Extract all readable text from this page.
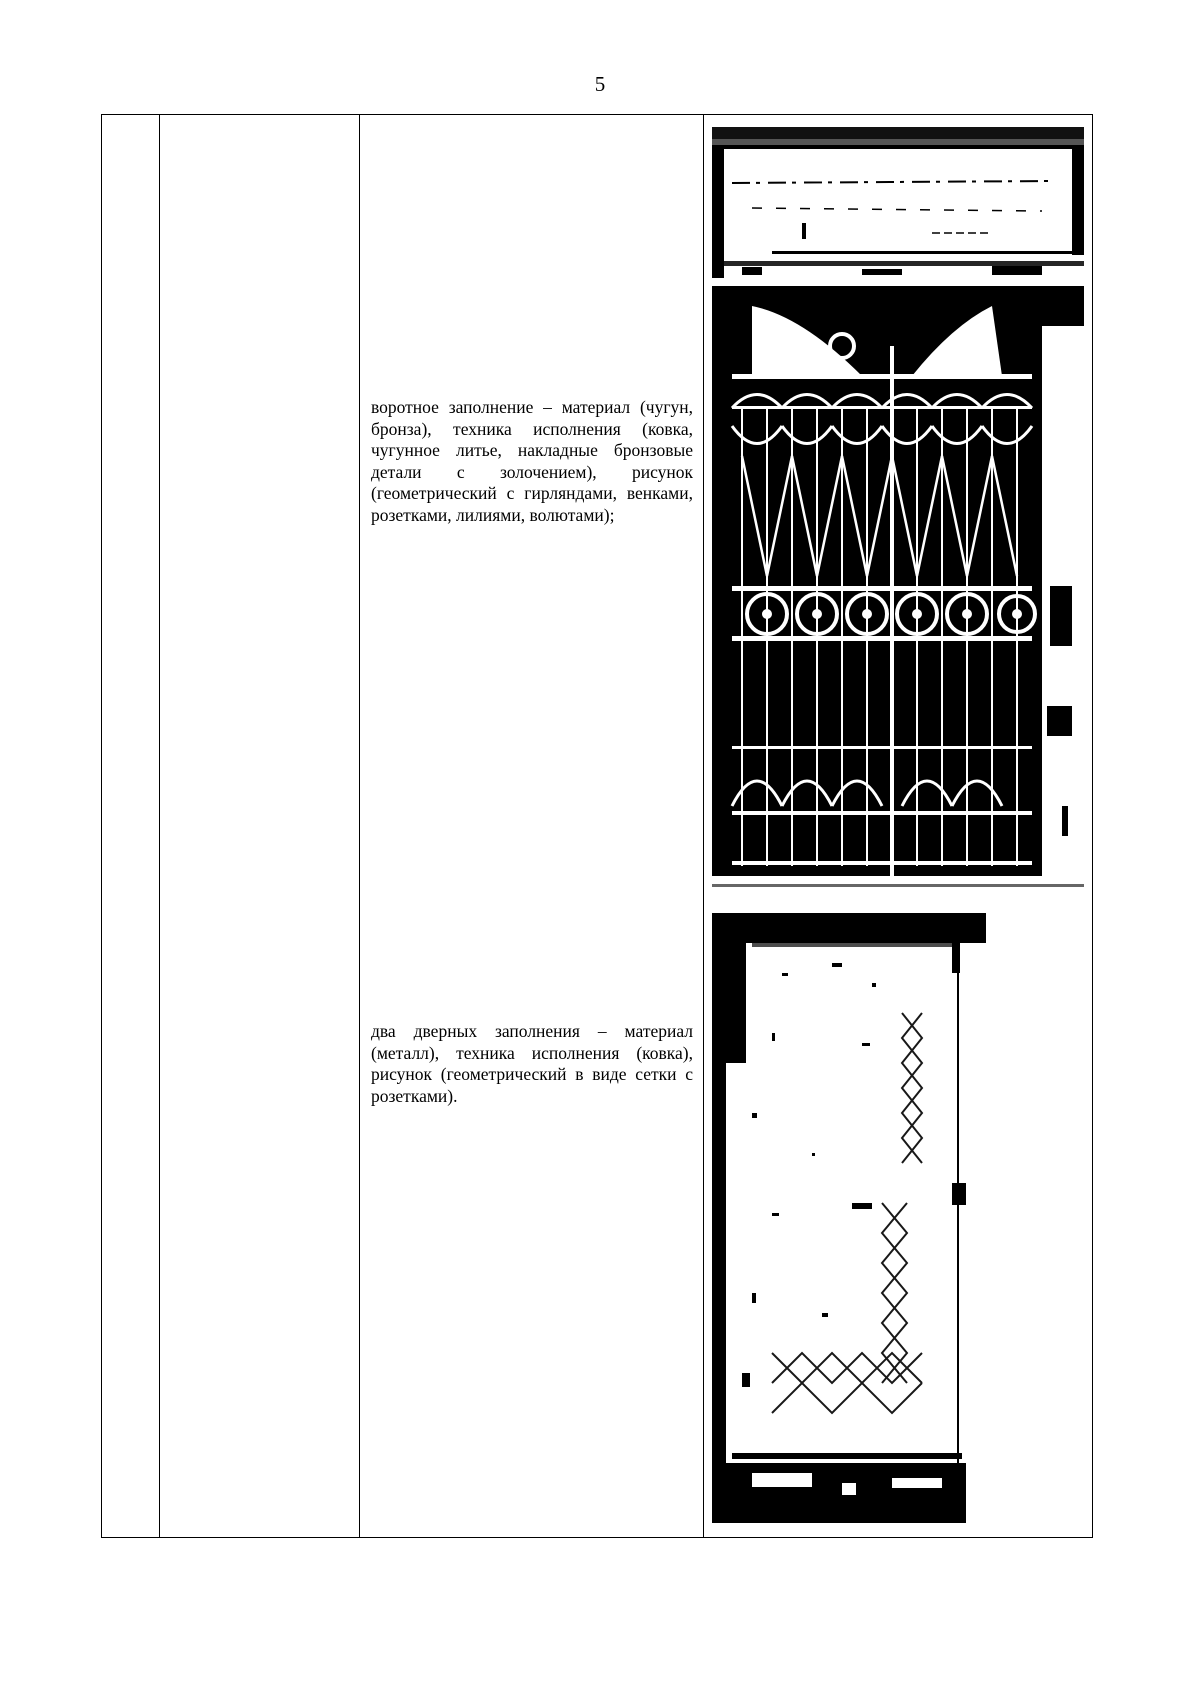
5
воротное заполнение – материал (чугун, бронза), техника исполнения (ковка, чугунное литье, накладные бронзовые детали с золочением), рисунок (геометрический с гирляндами, венками, розетками, лилиями, волютами);
два дверных заполнения – материал (металл), техника исполнения (ковка), рисунок (геометрический в виде сетки с розетками).
